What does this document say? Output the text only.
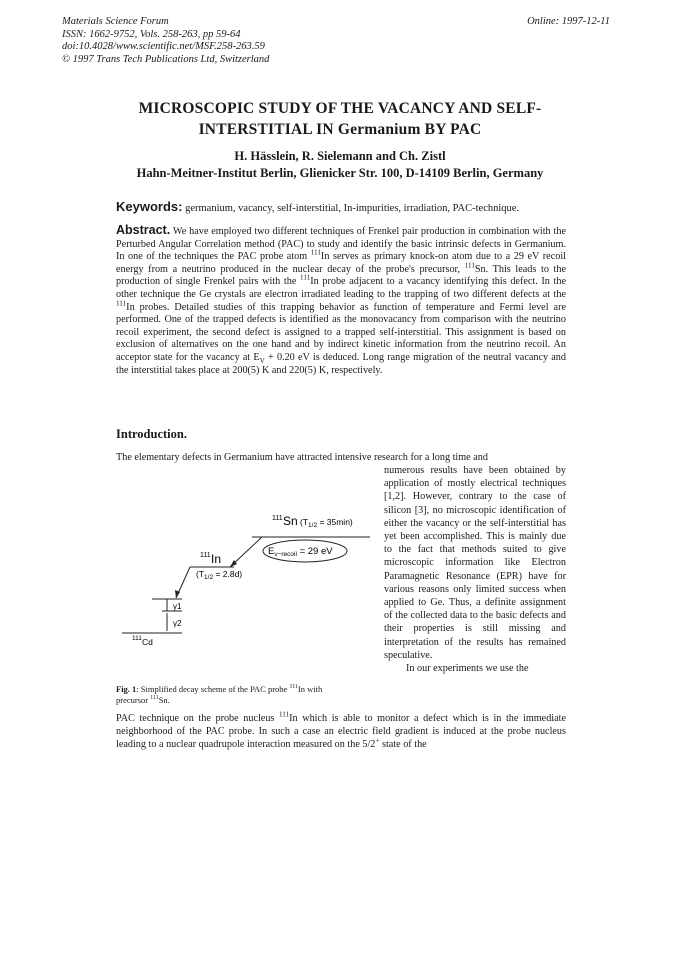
Materials Science Forum
ISSN: 1662-9752, Vols. 258-263, pp 59-64
doi:10.4028/www.scientific.net/MSF.258-263.59
© 1997 Trans Tech Publications Ltd, Switzerland
Online: 1997-12-11
MICROSCOPIC STUDY OF THE VACANCY AND SELF-
INTERSTITIAL IN Germanium BY PAC
H. Hässlein, R. Sielemann and Ch. Zistl
Hahn-Meitner-Institut Berlin, Glienicker Str. 100, D-14109 Berlin, Germany
Keywords: germanium, vacancy, self-interstitial, In-impurities, irradiation, PAC-technique.
Abstract. We have employed two different techniques of Frenkel pair production in combination with the Perturbed Angular Correlation method (PAC) to study and identify the basic intrinsic defects in Germanium. In one of the techniques the PAC probe atom $^{111}$In serves as primary knock-on atom due to a 29 eV recoil energy from a neutrino produced in the nuclear decay of the probe's precursor, $^{111}$Sn. This leads to the production of single Frenkel pairs with the $^{111}$In probe adjacent to a vacancy identifying this defect. In the other technique the Ge crystals are electron irradiated leading to the trapping of two different defects at the $^{111}$In probes. Detailed studies of this trapping behavior as function of temperature and Fermi level are performed. One of the trapped defects is identified as the monovacancy from comparison with the neutrino recoil experiment, the second defect is assigned to a trapped self-interstitial. This assignment is based on exclusion of alternatives on the one hand and by indirect kinetic information from the neutrino recoil. An acceptor state for the vacancy at $E_V + 0.20$ eV is deduced. Long range migration of the neutral vacancy and the interstitial takes place at 200(5) K and 220(5) K, respectively.
Introduction.
The elementary defects in Germanium have attracted intensive research for a long time and

numerous results have been obtained by application of mostly electrical techniques [1,2]. However, contrary to the case of silicon [3], no microscopic identification of either the vacancy or the self-interstitial has yet been accomplished. This is mainly due to the fact that methods suited to give microscopic information like Electron Paramagnetic Resonance (EPR) have for various reasons only limited success when applied to Ge. Thus, a definite assignment of the collected data to the basic defects and their properties is still missing and interpretation of the results has remained speculative.

In our experiments we use the

111 Sn $(T_{1/2} = 35\min)$
$E_{\nu-recoil} = 29$ eV
111 In
$(T_{1/2} = 2.8d)$
γ1
γ2
111 Cd
Fig. 1: Simplified decay scheme of the PAC probe $^{111}$In with precursor $^{111}$Sn.
PAC technique on the probe nucleus $^{111}$In which is able to monitor a defect which is in the immediate neighborhood of the PAC probe. In such a case an electric field gradient is induced at the probe nucleus leading to a nuclear quadrupole interaction measured on the 5/2+ state of the
